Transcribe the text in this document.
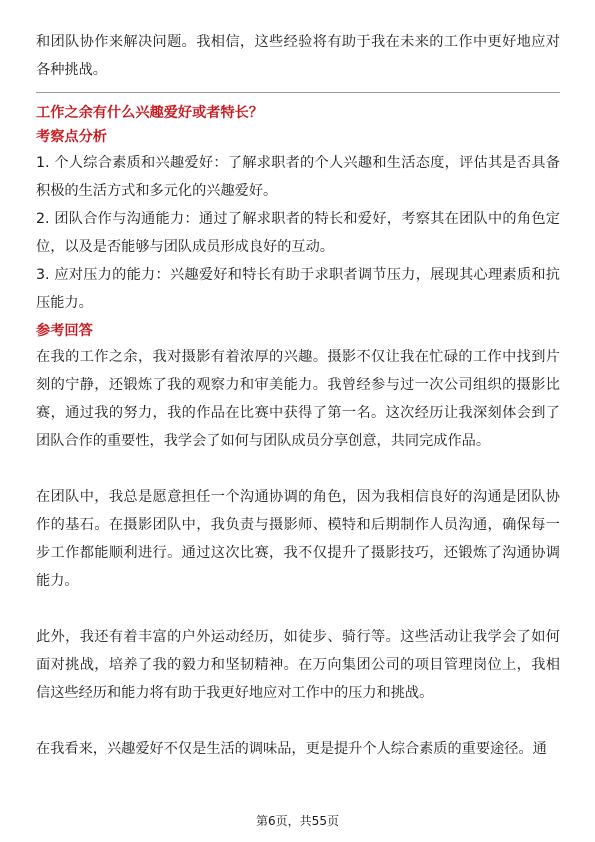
和团队协作来解决问题。我相信，这些经验将有助于我在未来的工作中更好地应对各种挑战。

工作之余有什么兴趣爱好或者特长？

考察点分析

1. 个人综合素质和兴趣爱好：了解求职者的个人兴趣和生活态度，评估其是否具备积极的生活方式和多元化的兴趣爱好。

2. 团队合作与沟通能力：通过了解求职者的特长和爱好，考察其在团队中的角色定位，以及是否能够与团队成员形成良好的互动。

3. 应对压力的能力：兴趣爱好和特长有助于求职者调节压力，展现其心理素质和抗压能力。

参考回答

在我的工作之余，我对摄影有着浓厚的兴趣。摄影不仅让我在忙碌的工作中找到片刻的宁静，还锻炼了我的观察力和审美能力。我曾经参与过一次公司组织的摄影比赛，通过我的努力，我的作品在比赛中获得了第一名。这次经历让我深刻体会到了团队合作的重要性，我学会了如何与团队成员分享创意，共同完成作品。

在团队中，我总是愿意担任一个沟通协调的角色，因为我相信良好的沟通是团队协作的基石。在摄影团队中，我负责与摄影师、模特和后期制作人员沟通，确保每一步工作都能顺利进行。通过这次比赛，我不仅提升了摄影技巧，还锻炼了沟通协调能力。

此外，我还有着丰富的户外运动经历，如徒步、骑行等。这些活动让我学会了如何面对挑战，培养了我的毅力和坚韧精神。在万向集团公司的项目管理岗位上，我相信这些经历和能力将有助于我更好地应对工作中的压力和挑战。

在我看来，兴趣爱好不仅是生活的调味品，更是提升个人综合素质的重要途径。通

第6页，共55页
